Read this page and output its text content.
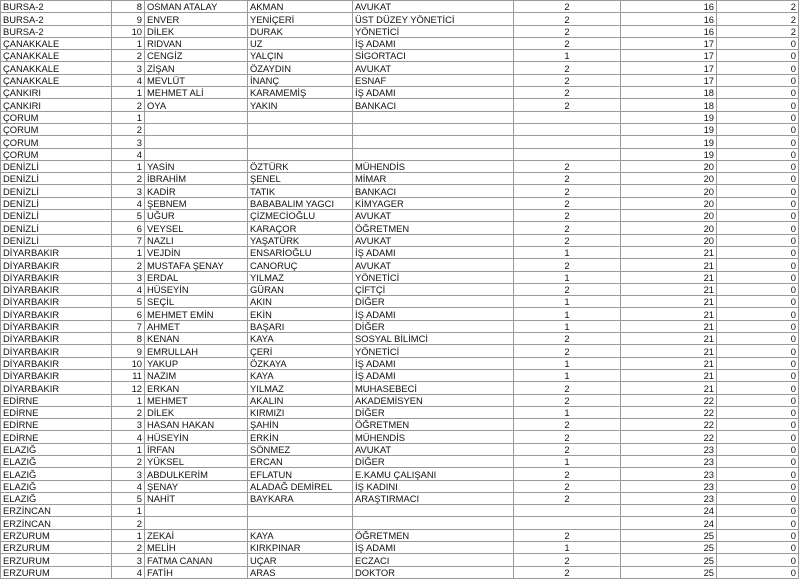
BURSA-2	8	OSMAN ATALAY	AKMAN	AVUKAT	2	16	2
BURSA-2	9	ENVER	YENİÇERİ	ÜST DÜZEY YÖNETİCİ	2	16	2
BURSA-2	10	DİLEK	DURAK	YÖNETİCİ	2	16	2
ÇANAKKALE	1	RIDVAN	UZ	İŞ ADAMI	2	17	0
ÇANAKKALE	2	CENGİZ	YALÇIN	SİGORTACI	1	17	0
ÇANAKKALE	3	ZİŞAN	ÖZAYDIN	AVUKAT	2	17	0
ÇANAKKALE	4	MEVLÜT	İNANÇ	ESNAF	2	17	0
ÇANKIRI	1	MEHMET ALİ	KARAMEMİŞ	İŞ ADAMI	2	18	0
ÇANKIRI	2	OYA	YAKIN	BANKACI	2	18	0
ÇORUM	1					19	0
ÇORUM	2					19	0
ÇORUM	3					19	0
ÇORUM	4					19	0
DENİZLİ	1	YASİN	ÖZTÜRK	MÜHENDİS	2	20	0
DENİZLİ	2	İBRAHİM	ŞENEL	MİMAR	2	20	0
DENİZLİ	3	KADİR	TATIK	BANKACI	2	20	0
DENİZLİ	4	ŞEBNEM	BABABALIM YAGCI	KİMYAGER	2	20	0
DENİZLİ	5	UĞUR	ÇİZMECİOĞLU	AVUKAT	2	20	0
DENİZLİ	6	VEYSEL	KARAÇOR	ÖĞRETMEN	2	20	0
DENİZLİ	7	NAZLI	YAŞATÜRK	AVUKAT	2	20	0
DİYARBAKIR	1	VEJDİN	ENSARİOĞLU	İŞ ADAMI	1	21	0
DİYARBAKIR	2	MUSTAFA ŞENAY	CANORUÇ	AVUKAT	2	21	0
DİYARBAKIR	3	ERDAL	YILMAZ	YÖNETİCİ	1	21	0
DİYARBAKIR	4	HÜSEYİN	GÜRAN	ÇİFTÇİ	2	21	0
DİYARBAKIR	5	SEÇİL	AKIN	DİĞER	1	21	0
DİYARBAKIR	6	MEHMET EMİN	EKİN	İŞ ADAMI	1	21	0
DİYARBAKIR	7	AHMET	BAŞARI	DİĞER	1	21	0
DİYARBAKIR	8	KENAN	KAYA	SOSYAL BİLİMCİ	2	21	0
DİYARBAKIR	9	EMRULLAH	ÇERİ	YÖNETİCİ	2	21	0
DİYARBAKIR	10	YAKUP	ÖZKAYA	İŞ ADAMI	1	21	0
DİYARBAKIR	11	NAZIM	KAYA	İŞ ADAMI	1	21	0
DİYARBAKIR	12	ERKAN	YILMAZ	MUHASEBECİ	2	21	0
EDİRNE	1	MEHMET	AKALIN	AKADEMİSYEN	2	22	0
EDİRNE	2	DİLEK	KIRMIZI	DİĞER	1	22	0
EDİRNE	3	HASAN HAKAN	ŞAHİN	ÖĞRETMEN	2	22	0
EDİRNE	4	HÜSEYİN	ERKİN	MÜHENDİS	2	22	0
ELAZIĞ	1	İRFAN	SÖNMEZ	AVUKAT	2	23	0
ELAZIĞ	2	YÜKSEL	ERCAN	DİĞER	1	23	0
ELAZIĞ	3	ABDULKERİM	EFLATUN	E.KAMU ÇALIŞANI	2	23	0
ELAZIĞ	4	ŞENAY	ALADAĞ DEMİREL	İŞ KADINI	2	23	0
ELAZIĞ	5	NAHİT	BAYKARA	ARAŞTIRMACI	2	23	0
ERZİNCAN	1					24	0
ERZİNCAN	2					24	0
ERZURUM	1	ZEKAİ	KAYA	ÖĞRETMEN	2	25	0
ERZURUM	2	MELİH	KIRKPINAR	İŞ ADAMI	1	25	0
ERZURUM	3	FATMA CANAN	UÇAR	ECZACI	2	25	0
ERZURUM	4	FATİH	ARAS	DOKTOR	2	25	0
